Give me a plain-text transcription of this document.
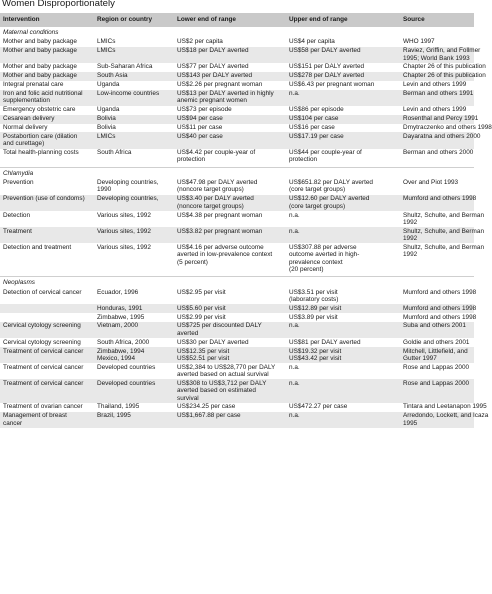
Women Disproportionately
Intervention	Region or country	Lower end of range	Upper end of range	Source
Maternal conditions				
Mother and baby package	LMICs	US$2 per capita	US$4 per capita	WHO 1997
Mother and baby package	LMICs	US$18 per DALY averted	US$58 per DALY averted	Raviez, Griffin, and Follmer
1995; World Bank 1993
Mother and baby package	Sub-Saharan Africa	US$77 per DALY averted	US$151 per DALY averted	Chapter 26 of this publication
Mother and baby package	South Asia	US$143 per DALY averted	US$278 per DALY averted	Chapter 26 of this publication
Integral prenatal care	Uganda	US$2.26 per pregnant woman	US$6.43 per pregnant woman	Levin and others 1999
Iron and folic acid nutritional
supplementation	Low-income countries	US$13 per DALY averted in highly
anemic pregnant women	n.a.	Berman and others 1991
Emergency obstetric care	Uganda	US$73 per episode	US$86 per episode	Levin and others 1999
Cesarean delivery	Bolivia	US$94 per case	US$104 per case	Rosenthal and Percy 1991
Normal delivery	Bolivia	US$11 per case	US$16 per case	Dmytraczenko and others 1998
Postabortion care (dilation
and curettage)	LMICs	US$40 per case	US$17.19 per case	Dayaratna and others 2000
Total health-planning costs	South Africa	US$4.42 per couple-year of
protection	US$44 per couple-year of
protection	Berman and others 2000

Chlamydia				
Prevention	Developing countries,
1990	US$47.98 per DALY averted
(noncore target groups)	US$651.82 per DALY averted
(core target groups)	Over and Piot 1993
Prevention (use of condoms)	Developing countries,	US$3.40 per DALY averted
(noncore target groups)	US$12.60 per DALY averted
(core target groups)	Mumford and others 1998
Detection	Various sites, 1992	US$4.38 per pregnant woman	n.a.	Shultz, Schulte, and Berman
1992
Treatment	Various sites, 1992	US$3.82 per pregnant woman	n.a.	Shultz, Schulte, and Berman
1992
Detection and treatment	Various sites, 1992	US$4.16 per adverse outcome
averted in low-prevalence context
(5 percent)	US$307.88 per adverse
outcome averted in high-
prevalence context
(20 percent)	Shultz, Schulte, and Berman
1992

Neoplasms				
Detection of cervical cancer	Ecuador, 1996	US$2.95 per visit	US$3.51 per visit
(laboratory costs)	Mumford and others 1998
	Honduras, 1991	US$5.60 per visit	US$12.89 per visit	Mumford and others 1998
	Zimbabwe, 1995	US$2.99 per visit	US$3.89 per visit	Mumford and others 1998
Cervical cytology screening	Vietnam, 2000	US$725 per discounted DALY
averted	n.a.	Suba and others 2001
Cervical cytology screening	South Africa, 2000	US$30 per DALY averted	US$81 per DALY averted	Goldie and others 2001
Treatment of cervical cancer	Zimbabwe, 1994
Mexico, 1994	US$12.35 per visit
US$52.51 per visit	US$19.32 per visit
US$43.42 per visit	Mitchell, Littlefield, and
Gutter 1997
Treatment of cervical cancer	Developed countries	US$2,384 to US$28,770 per DALY
averted based on actual survival	n.a.	Rose and Lappas 2000
Treatment of cervical cancer	Developed countries	US$308 to US$3,712 per DALY
averted based on estimated
survival	n.a.	Rose and Lappas 2000
Treatment of ovarian cancer	Thailand, 1995	US$234.25 per case	US$472.27 per case	Tintara and Leetanapon 1995
Management of breast
cancer	Brazil, 1995	US$1,667.88 per case	n.a.	Arredondo, Lockett, and Icaza
1995
